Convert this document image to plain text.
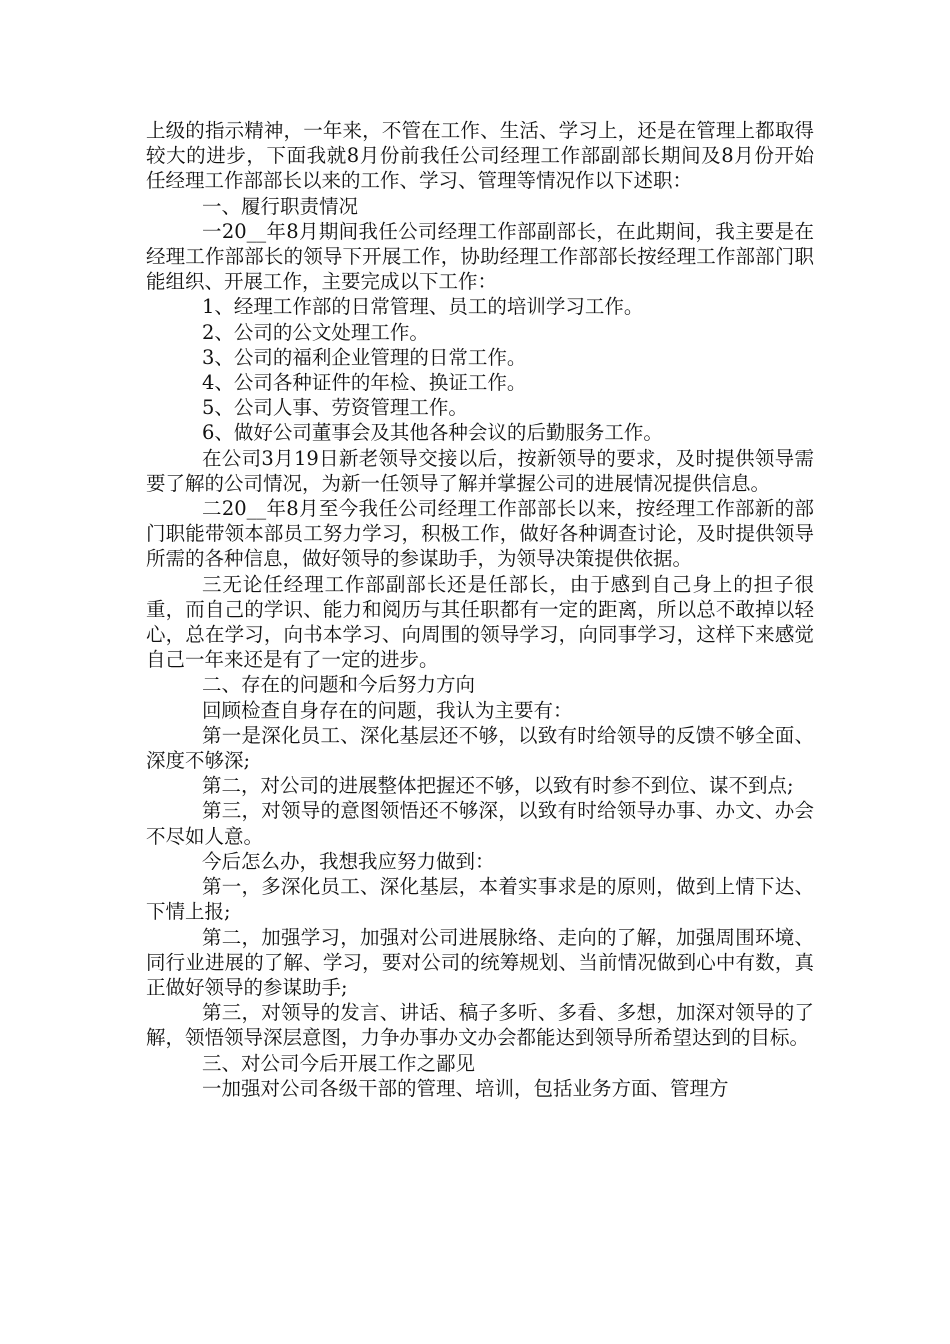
上级的指示精神，一年来，不管在工作、生活、学习上，还是在管理上都取得较大的进步，下面我就8月份前我任公司经理工作部副部长期间及8月份开始任经理工作部部长以来的工作、学习、管理等情况作以下述职：

一、履行职责情况

一20__年8月期间我任公司经理工作部副部长，在此期间，我主要是在经理工作部部长的领导下开展工作，协助经理工作部部长按经理工作部部门职能组织、开展工作，主要完成以下工作：

1、经理工作部的日常管理、员工的培训学习工作。

2、公司的公文处理工作。

3、公司的福利企业管理的日常工作。

4、公司各种证件的年检、换证工作。

5、公司人事、劳资管理工作。

6、做好公司董事会及其他各种会议的后勤服务工作。

在公司3月19日新老领导交接以后，按新领导的要求，及时提供领导需要了解的公司情况，为新一任领导了解并掌握公司的进展情况提供信息。

二20__年8月至今我任公司经理工作部部长以来，按经理工作部新的部门职能带领本部员工努力学习，积极工作，做好各种调查讨论，及时提供领导所需的各种信息，做好领导的参谋助手，为领导决策提供依据。

三无论任经理工作部副部长还是任部长，由于感到自己身上的担子很重，而自己的学识、能力和阅历与其任职都有一定的距离，所以总不敢掉以轻心，总在学习，向书本学习、向周围的领导学习，向同事学习，这样下来感觉自己一年来还是有了一定的进步。

二、存在的问题和今后努力方向

回顾检查自身存在的问题，我认为主要有：

第一是深化员工、深化基层还不够，以致有时给领导的反馈不够全面、深度不够深;

第二，对公司的进展整体把握还不够，以致有时参不到位、谋不到点;

第三，对领导的意图领悟还不够深，以致有时给领导办事、办文、办会不尽如人意。

今后怎么办，我想我应努力做到：

第一，多深化员工、深化基层，本着实事求是的原则，做到上情下达、下情上报;

第二，加强学习，加强对公司进展脉络、走向的了解，加强周围环境、同行业进展的了解、学习，要对公司的统筹规划、当前情况做到心中有数，真正做好领导的参谋助手;

第三，对领导的发言、讲话、稿子多听、多看、多想，加深对领导的了解，领悟领导深层意图，力争办事办文办会都能达到领导所希望达到的目标。

三、对公司今后开展工作之鄙见

一加强对公司各级干部的管理、培训，包括业务方面、管理方
